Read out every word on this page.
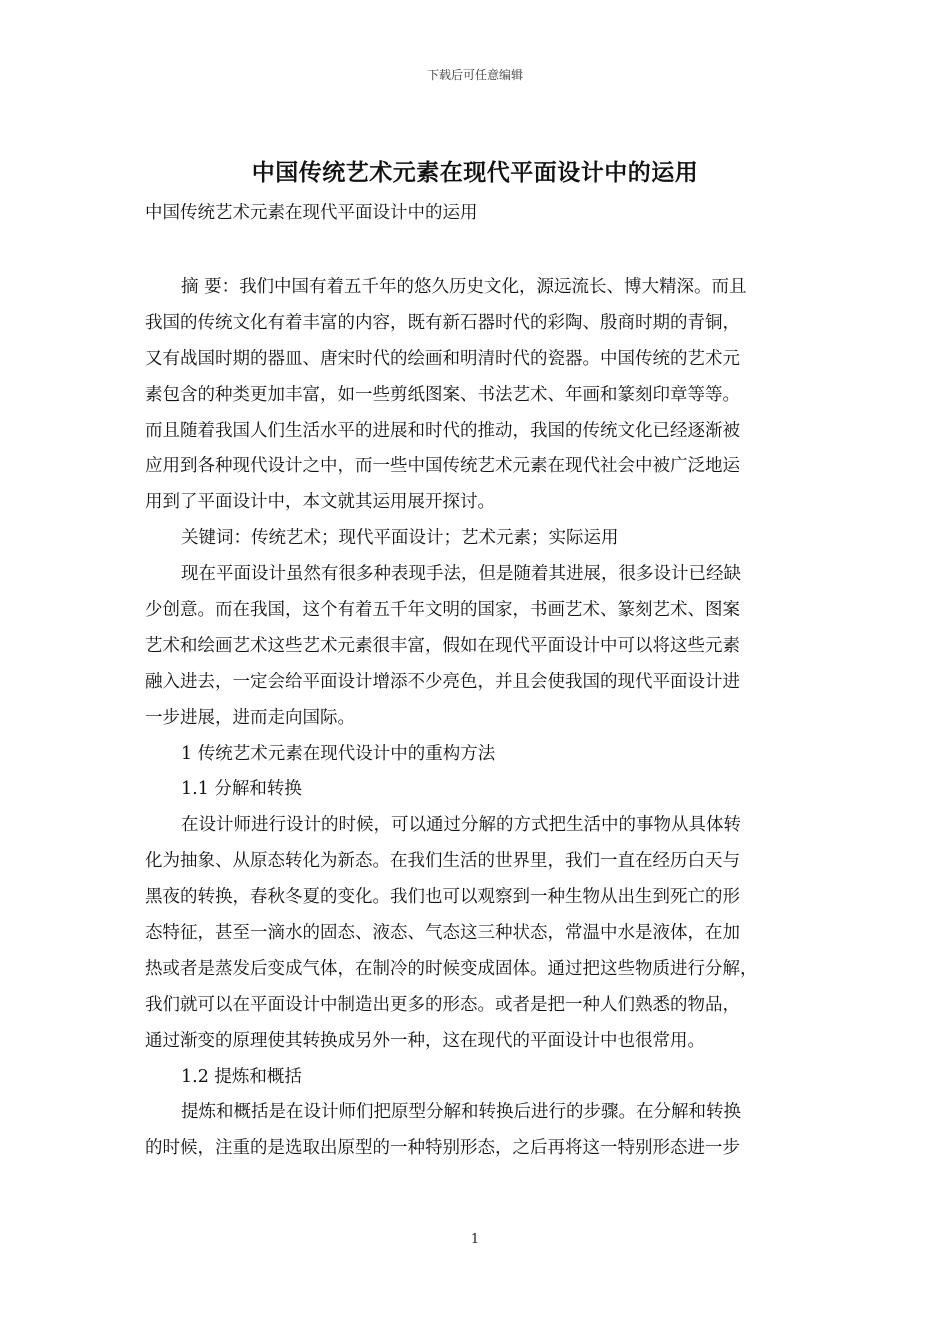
下载后可任意编辑
中国传统艺术元素在现代平面设计中的运用
中国传统艺术元素在现代平面设计中的运用
摘 要：我们中国有着五千年的悠久历史文化，源远流长、博大精深。而且
我国的传统文化有着丰富的内容，既有新石器时代的彩陶、殷商时期的青铜，
又有战国时期的器皿、唐宋时代的绘画和明清时代的瓷器。中国传统的艺术元
素包含的种类更加丰富，如一些剪纸图案、书法艺术、年画和篆刻印章等等。
而且随着我国人们生活水平的进展和时代的推动，我国的传统文化已经逐渐被
应用到各种现代设计之中，而一些中国传统艺术元素在现代社会中被广泛地运
用到了平面设计中，本文就其运用展开探讨。
关键词：传统艺术；现代平面设计；艺术元素；实际运用
现在平面设计虽然有很多种表现手法，但是随着其进展，很多设计已经缺
少创意。而在我国，这个有着五千年文明的国家，书画艺术、篆刻艺术、图案
艺术和绘画艺术这些艺术元素很丰富，假如在现代平面设计中可以将这些元素
融入进去，一定会给平面设计增添不少亮色，并且会使我国的现代平面设计进
一步进展，进而走向国际。
1 传统艺术元素在现代设计中的重构方法
1.1 分解和转换
在设计师进行设计的时候，可以通过分解的方式把生活中的事物从具体转
化为抽象、从原态转化为新态。在我们生活的世界里，我们一直在经历白天与
黑夜的转换，春秋冬夏的变化。我们也可以观察到一种生物从出生到死亡的形
态特征，甚至一滴水的固态、液态、气态这三种状态，常温中水是液体，在加
热或者是蒸发后变成气体，在制冷的时候变成固体。通过把这些物质进行分解，
我们就可以在平面设计中制造出更多的形态。或者是把一种人们熟悉的物品，
通过渐变的原理使其转换成另外一种，这在现代的平面设计中也很常用。
1.2 提炼和概括
提炼和概括是在设计师们把原型分解和转换后进行的步骤。在分解和转换
的时候，注重的是选取出原型的一种特别形态，之后再将这一特别形态进一步
1
